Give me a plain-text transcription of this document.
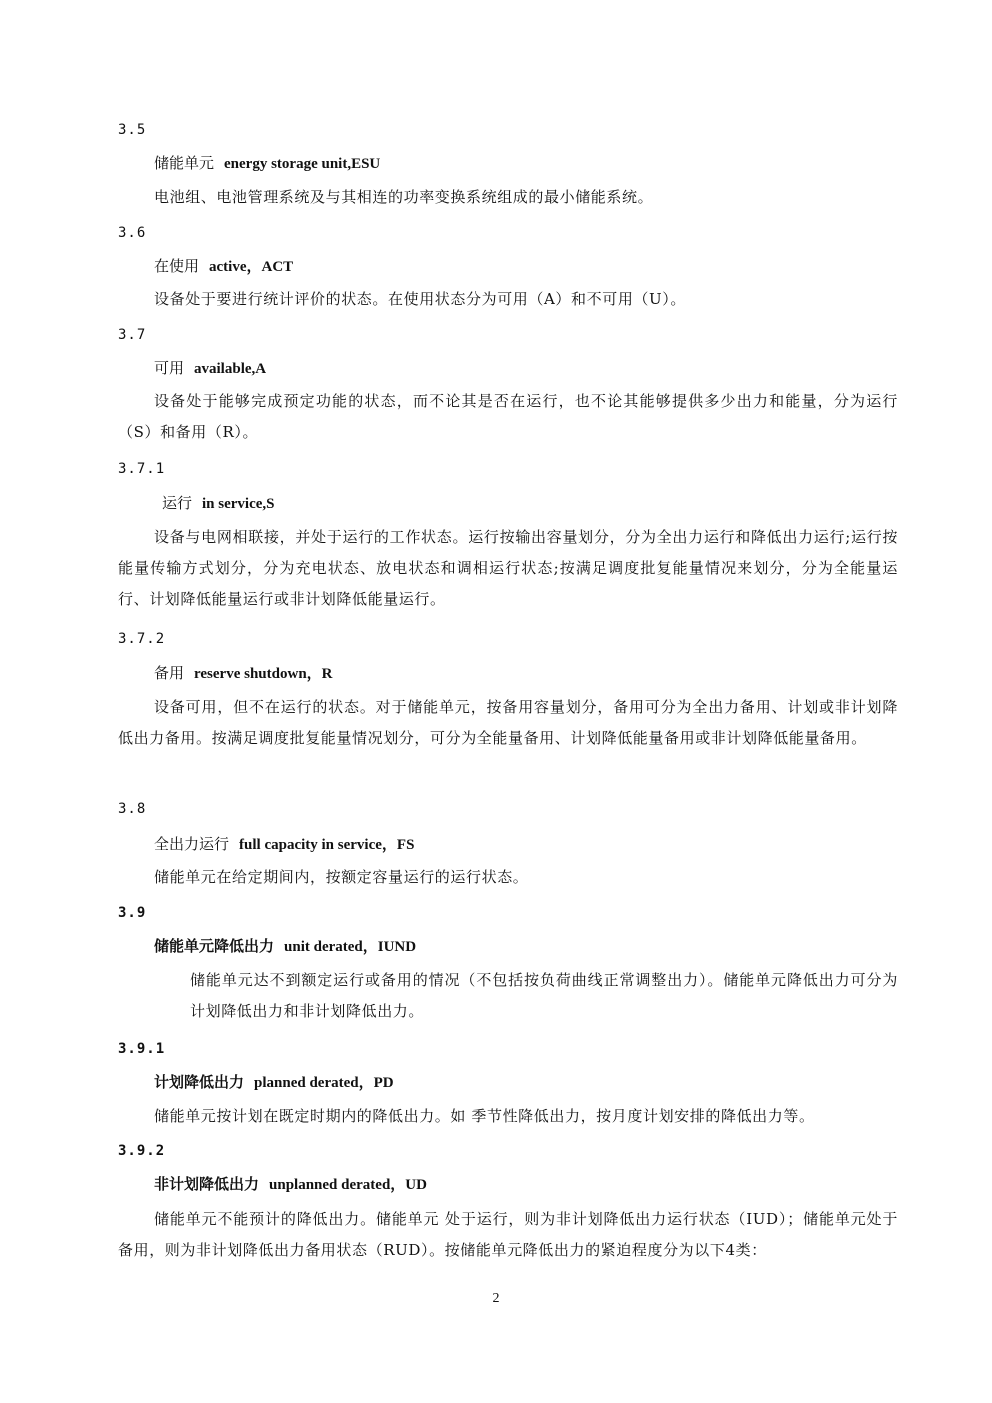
3.5
储能单元 energy storage unit,ESU
电池组、电池管理系统及与其相连的功率变换系统组成的最小储能系统。
3.6
在使用 active，ACT
设备处于要进行统计评价的状态。在使用状态分为可用（A）和不可用（U）。
3.7
可用 available,A
设备处于能够完成预定功能的状态，而不论其是否在运行，也不论其能够提供多少出力和能量，分为运行（S）和备用（R）。
3.7.1
运行 in service,S
设备与电网相联接，并处于运行的工作状态。运行按输出容量划分，分为全出力运行和降低出力运行;运行按能量传输方式划分，分为充电状态、放电状态和调相运行状态;按满足调度批复能量情况来划分，分为全能量运行、计划降低能量运行或非计划降低能量运行。
3.7.2
备用 reserve shutdown，R
设备可用，但不在运行的状态。对于储能单元，按备用容量划分，备用可分为全出力备用、计划或非计划降低出力备用。按满足调度批复能量情况划分，可分为全能量备用、计划降低能量备用或非计划降低能量备用。
3.8
全出力运行 full capacity in service，FS
储能单元在给定期间内，按额定容量运行的运行状态。
3.9
储能单元降低出力 unit derated，IUND
储能单元达不到额定运行或备用的情况（不包括按负荷曲线正常调整出力）。储能单元降低出力可分为计划降低出力和非计划降低出力。
3.9.1
计划降低出力 planned derated，PD
储能单元按计划在既定时期内的降低出力。如 季节性降低出力，按月度计划安排的降低出力等。
3.9.2
非计划降低出力 unplanned derated，UD
储能单元不能预计的降低出力。储能单元 处于运行，则为非计划降低出力运行状态（IUD）；储能单元处于备用，则为非计划降低出力备用状态（RUD）。按储能单元降低出力的紧迫程度分为以下4类：
2
